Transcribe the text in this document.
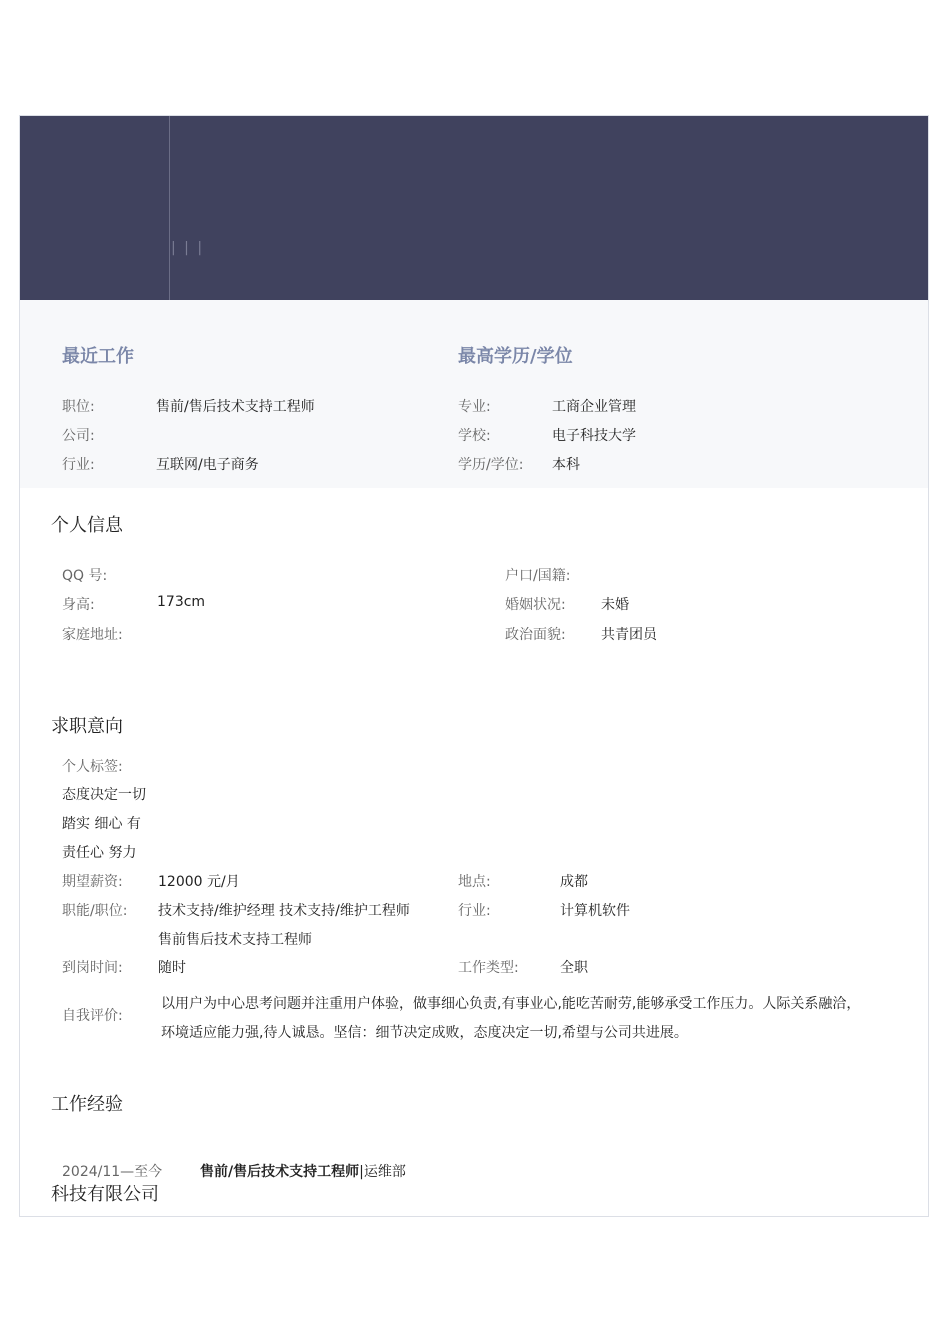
| | |
最近工作
职位:	售前/售后技术支持工程师
公司:
行业:	互联网/电子商务
最高学历/学位
专业:	工商企业管理
学校:	电子科技大学
学历/学位: 本科
个人信息
QQ 号:
身高:	173cm
家庭地址:
户口/国籍:
婚姻状况:	未婚
政治面貌:	共青团员
求职意向
个人标签:
态度决定一切
踏实 细心 有
责任心 努力
期望薪资:	12000 元/月	地点:	成都
职能/职位: 技术支持/维护经理 技术支持/维护工程师
售前售后技术支持工程师
行业:	计算机软件
到岗时间:	随时	工作类型:	全职
自我评价:
以用户为中心思考问题并注重用户体验，做事细心负责,有事业心,能吃苦耐劳,能够承受工作压力。人际关系融洽，环境适应能力强,待人诚恳。坚信：细节决定成败，态度决定一切,希望与公司共进展。
工作经验
2024/11—至今	售前/售后技术支持工程师|运维部
科技有限公司
